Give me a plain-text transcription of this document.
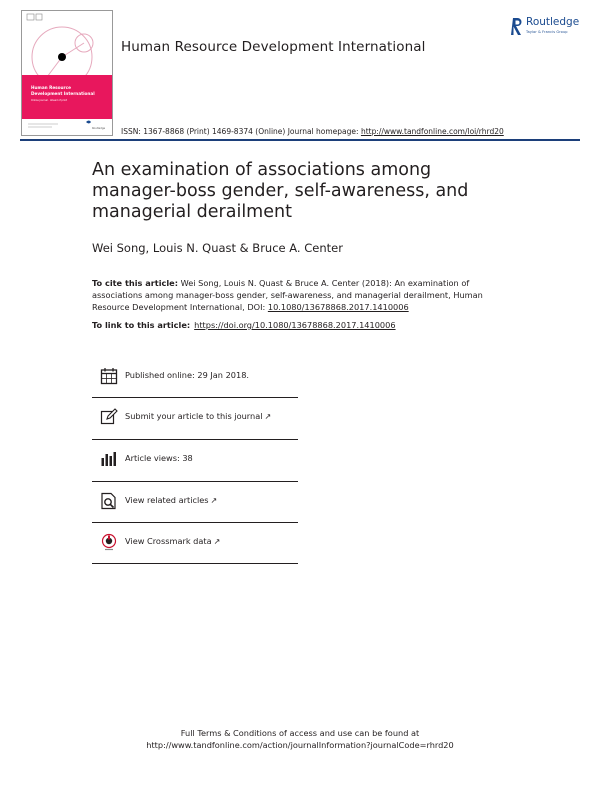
Human Resource
Development International
Online journal · Ahead of print
Routledge
Human Resource Development International
Routledge
Taylor & Francis Group
ISSN: 1367-8868 (Print) 1469-8374 (Online) Journal homepage: http://www.tandfonline.com/loi/rhrd20
An examination of associations among manager-boss gender, self-awareness, and managerial derailment
Wei Song, Louis N. Quast & Bruce A. Center
To cite this article: Wei Song, Louis N. Quast & Bruce A. Center (2018): An examination of associations among manager-boss gender, self-awareness, and managerial derailment, Human Resource Development International, DOI: 10.1080/13678868.2017.1410006
To link to this article: https://doi.org/10.1080/13678868.2017.1410006
Published online: 29 Jan 2018.
Submit your article to this journal ↗
Article views: 38
View related articles ↗
View Crossmark data ↗
Full Terms & Conditions of access and use can be found at
http://www.tandfonline.com/action/journalInformation?journalCode=rhrd20
